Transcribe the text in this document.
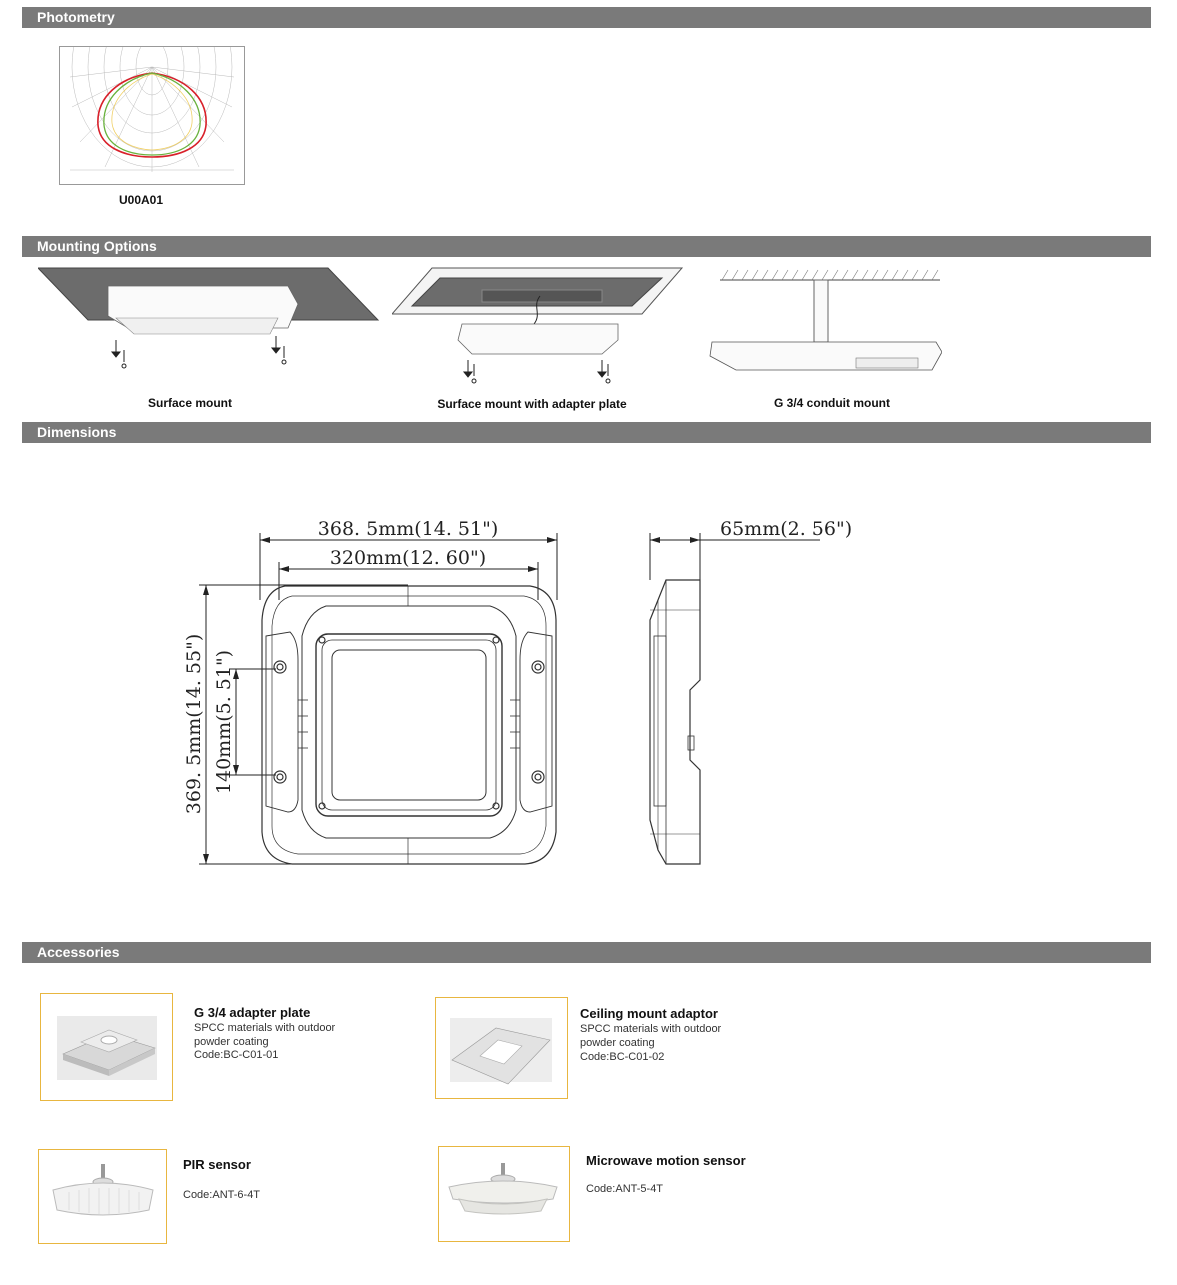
Photometry
U00A01
Mounting Options
Surface mount	Surface mount with adapter plate	G 3/4 conduit mount
Dimensions
368. 5mm(14. 51")
320mm(12. 60")
369. 5mm(14. 55") 140mm(5. 51")
65mm(2. 56")
Accessories
G 3/4 adapter plate
SPCC materials with outdoor powder coating
Code:BC-C01-01
Ceiling mount adaptor
SPCC materials with outdoor powder coating
Code:BC-C01-02
PIR sensor
Code:ANT-6-4T
Microwave motion sensor
Code:ANT-5-4T
